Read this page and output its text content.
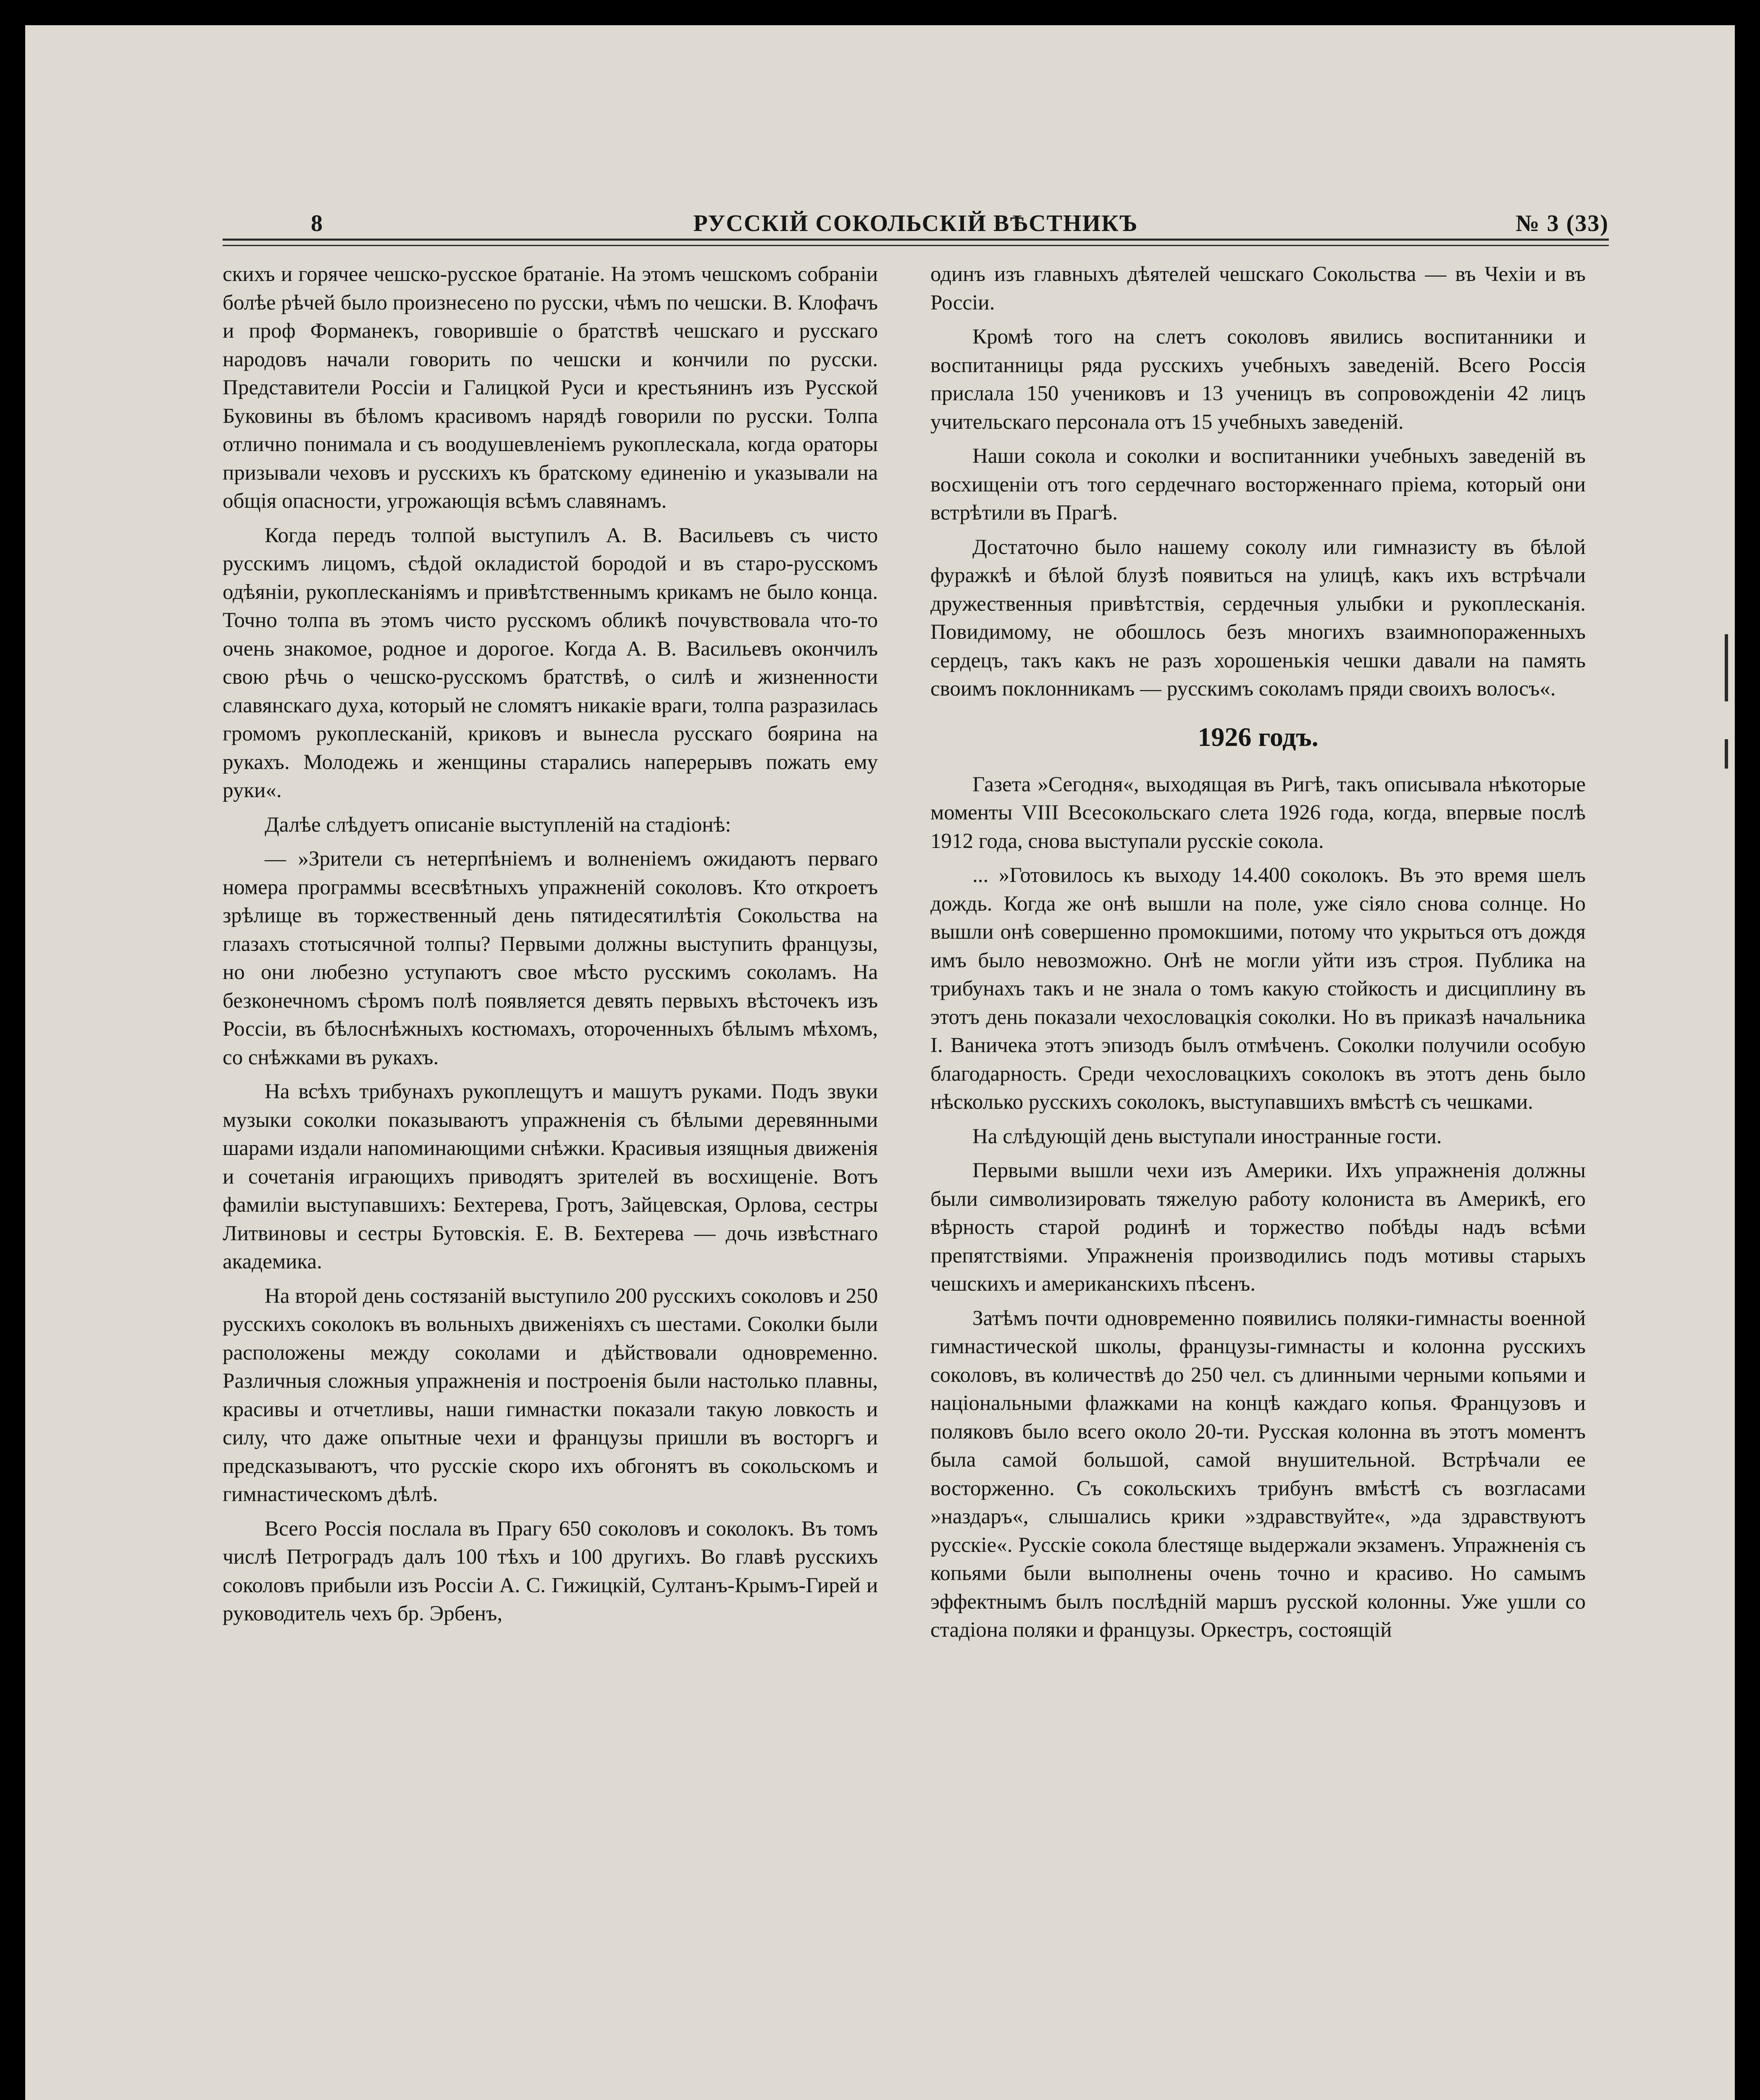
8	РУССКІЙ СОКОЛЬСКІЙ ВѢСТНИКЪ	№ 3 (33)

скихъ и горячее чешско-русское братаніе. На этомъ чешскомъ собраніи болѣе рѣчей было произнесено по русски, чѣмъ по чешски. В. Клофачъ и проф Форманекъ, говорившіе о братствѣ чешскаго и русскаго народовъ начали говорить по чешски и кончили по русски. Представители Россіи и Галицкой Руси и крестьянинъ изъ Русской Буковины въ бѣломъ красивомъ нарядѣ говорили по русски. Толпа отлично понимала и съ воодушевленіемъ рукоплескала, когда ораторы призывали чеховъ и русскихъ къ братскому единенію и указывали на общія опасности, угрожающія всѣмъ славянамъ.

Когда передъ толпой выступилъ А. В. Васильевъ съ чисто русскимъ лицомъ, сѣдой окладистой бородой и въ старо-русскомъ одѣяніи, рукоплесканіямъ и привѣтственнымъ крикамъ не было конца. Точно толпа въ этомъ чисто русскомъ обликѣ почувствовала что-то очень знакомое, родное и дорогое. Когда А. В. Васильевъ окончилъ свою рѣчь о чешско-русскомъ братствѣ, о силѣ и жизненности славянскаго духа, который не сломятъ никакіе враги, толпа разразилась громомъ рукоплесканій, криковъ и вынесла русскаго боярина на рукахъ. Молодежь и женщины старались наперерывъ пожать ему руки«.

Далѣе слѣдуетъ описаніе выступленій на стадіонѣ:

— »Зрители съ нетерпѣніемъ и волненіемъ ожидаютъ перваго номера программы всесвѣтныхъ упражненій соколовъ. Кто откроетъ зрѣлище въ торжественный день пятидесятилѣтія Сокольства на глазахъ стотысячной толпы? Первыми должны выступить французы, но они любезно уступаютъ свое мѣсто русскимъ соколамъ. На безконечномъ сѣромъ полѣ появляется девять первыхъ вѣсточекъ изъ Россіи, въ бѣлоснѣжныхъ костюмахъ, отороченныхъ бѣлымъ мѣхомъ, со снѣжками въ рукахъ.

На всѣхъ трибунахъ рукоплещутъ и машутъ руками. Подъ звуки музыки соколки показываютъ упражненія съ бѣлыми деревянными шарами издали напоминающими снѣжки. Красивыя изящныя движенія и сочетанія играющихъ приводятъ зрителей въ восхищеніе. Вотъ фамиліи выступавшихъ: Бехтерева, Гротъ, Зайцевская, Орлова, сестры Литвиновы и сестры Бутовскія. Е. В. Бехтерева — дочь извѣстнаго академика.

На второй день состязаній выступило 200 русскихъ соколовъ и 250 русскихъ соколокъ въ вольныхъ движеніяхъ съ шестами. Соколки были расположены между соколами и дѣйствовали одновременно. Различныя сложныя упражненія и построенія были настолько плавны, красивы и отчетливы, наши гимнастки показали такую ловкость и силу, что даже опытные чехи и французы пришли въ восторгъ и предсказываютъ, что русскіе скоро ихъ обгонятъ въ сокольскомъ и гимнастическомъ дѣлѣ.

Всего Россія послала въ Прагу 650 соколовъ и соколокъ. Въ томъ числѣ Петроградъ далъ 100 тѣхъ и 100 другихъ. Во главѣ русскихъ соколовъ прибыли изъ Россіи А. С. Гижицкій, Султанъ-Крымъ-Гирей и руководитель чехъ бр. Эрбенъ,

одинъ изъ главныхъ дѣятелей чешскаго Сокольства — въ Чехіи и въ Россіи.

Кромѣ того на слетъ соколовъ явились воспитанники и воспитанницы ряда русскихъ учебныхъ заведеній. Всего Россія прислала 150 учениковъ и 13 ученицъ въ сопровожденіи 42 лицъ учительскаго персонала отъ 15 учебныхъ заведеній.

Наши сокола и соколки и воспитанники учебныхъ заведеній въ восхищеніи отъ того сердечнаго восторженнаго пріема, который они встрѣтили въ Прагѣ.

Достаточно было нашему соколу или гимназисту въ бѣлой фуражкѣ и бѣлой блузѣ появиться на улицѣ, какъ ихъ встрѣчали дружественныя привѣтствія, сердечныя улыбки и рукоплесканія. Повидимому, не обошлось безъ многихъ взаимнопораженныхъ сердецъ, такъ какъ не разъ хорошенькія чешки давали на память своимъ поклонникамъ — русскимъ соколамъ пряди своихъ волосъ«.

1926 годъ.

Газета »Сегодня«, выходящая въ Ригѣ, такъ описывала нѣкоторые моменты VIII Всесокольскаго слета 1926 года, когда, впервые послѣ 1912 года, снова выступали русскіе сокола.

... »Готовилось къ выходу 14.400 соколокъ. Въ это время шелъ дождь. Когда же онѣ вышли на поле, уже сіяло снова солнце. Но вышли онѣ совершенно промокшими, потому что укрыться отъ дождя имъ было невозможно. Онѣ не могли уйти изъ строя. Публика на трибунахъ такъ и не знала о томъ какую стойкость и дисциплину въ этотъ день показали чехословацкія соколки. Но въ приказѣ начальника I. Ваничека этотъ эпизодъ былъ отмѣченъ. Соколки получили особую благодарность. Среди чехословацкихъ соколокъ въ этотъ день было нѣсколько русскихъ соколокъ, выступавшихъ вмѣстѣ съ чешками.

На слѣдующій день выступали иностранные гости.

Первыми вышли чехи изъ Америки. Ихъ упражненія должны были символизировать тяжелую работу колониста въ Америкѣ, его вѣрность старой родинѣ и торжество побѣды надъ всѣми препятствіями. Упражненія производились подъ мотивы старыхъ чешскихъ и американскихъ пѣсенъ.

Затѣмъ почти одновременно появились поляки-гимнасты военной гимнастической школы, французы-гимнасты и колонна русскихъ соколовъ, въ количествѣ до 250 чел. съ длинными черными копьями и національными флажками на концѣ каждаго копья. Французовъ и поляковъ было всего около 20-ти. Русская колонна въ этотъ моментъ была самой большой, самой внушительной. Встрѣчали ее восторженно. Съ сокольскихъ трибунъ вмѣстѣ съ возгласами »наздаръ«, слышались крики »здравствуйте«, »да здравствуютъ русскіе«. Русскіе сокола блестяще выдержали экзаменъ. Упражненія съ копьями были выполнены очень точно и красиво. Но самымъ эффектнымъ былъ послѣдній маршъ русской колонны. Уже ушли со стадіона поляки и французы. Оркестръ, состоящій
